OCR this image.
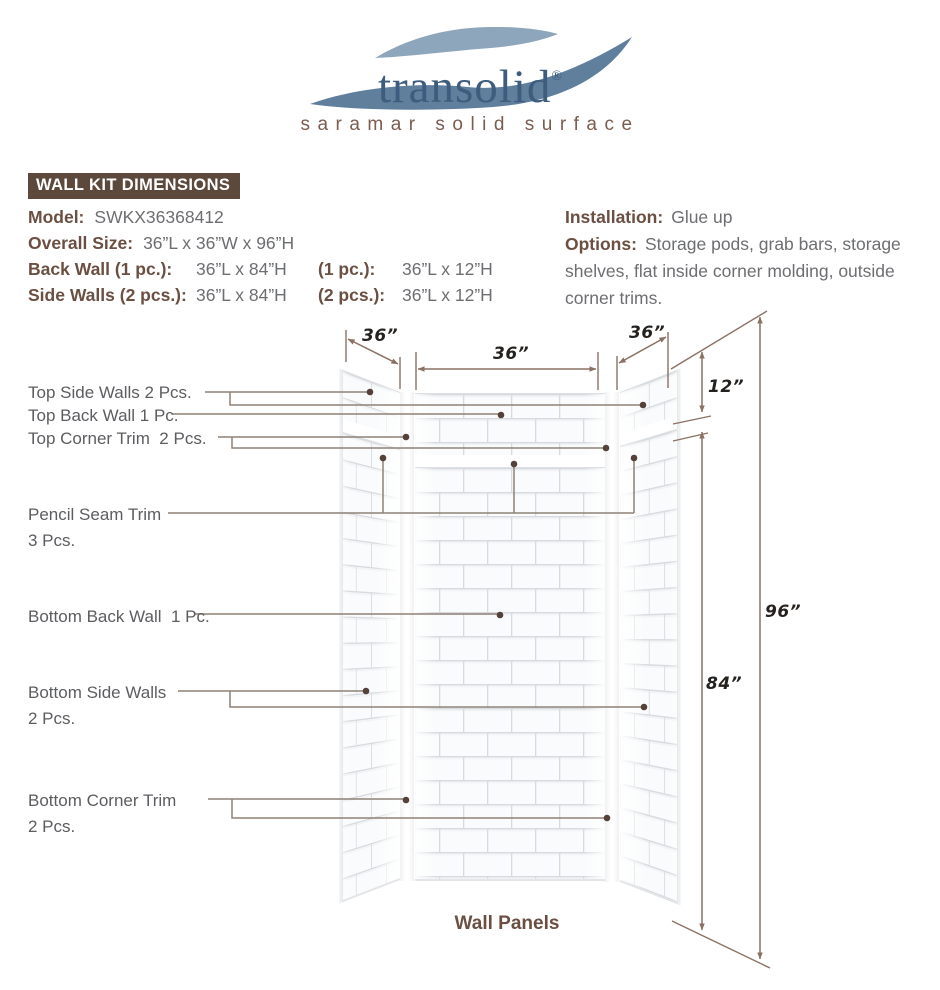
transolid®
saramar solid surface
WALL KIT DIMENSIONS
Model: SWKX36368412
Overall Size: 36”L x 36”W x 96”H
Back Wall (1 pc.): 36”L x 84”H (1 pc.): 36”L x 12”H
Side Walls (2 pcs.): 36”L x 84”H (2 pcs.): 36”L x 12”H
Installation: Glue up
Options: Storage pods, grab bars, storage shelves, flat inside corner molding, outside corner trims.
Top Side Walls 2 Pcs.
Top Back Wall 1 Pc.
Top Corner Trim  2 Pcs.
Pencil Seam Trim
3 Pcs.
Bottom Back Wall  1 Pc.
Bottom Side Walls
2 Pcs.
Bottom Corner Trim
2 Pcs.
36”
36”
36”
12”
96”
84”
Wall Panels
